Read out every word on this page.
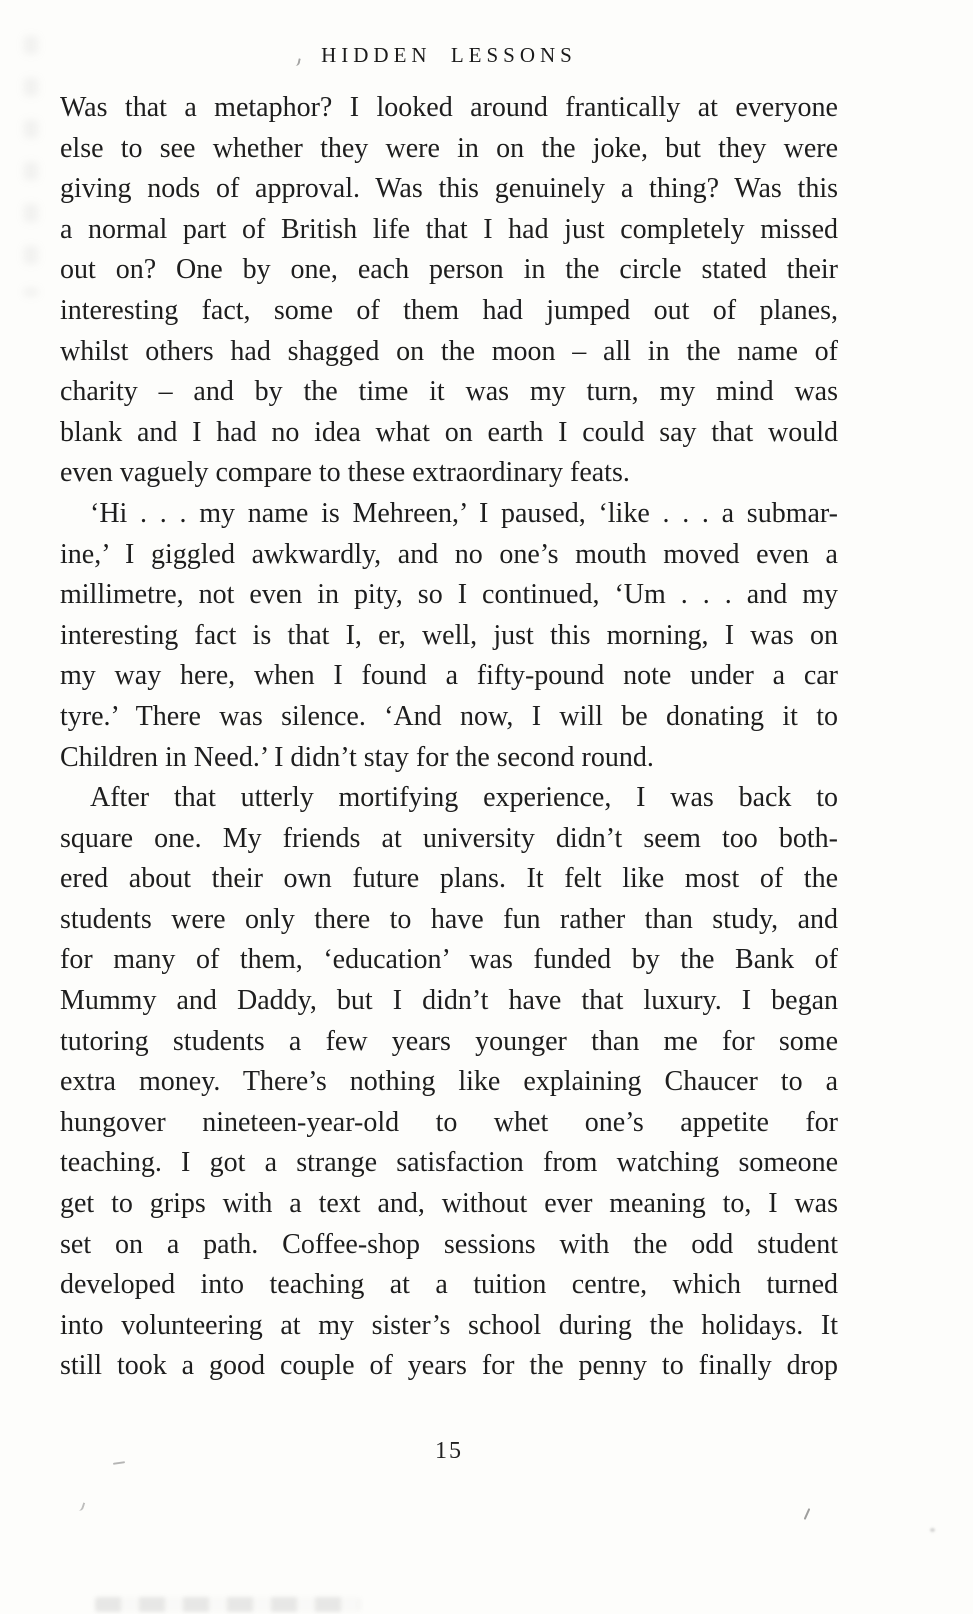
HIDDEN LESSONS
Was that a metaphor? I looked around frantically at everyone
else to see whether they were in on the joke, but they were
giving nods of approval. Was this genuinely a thing? Was this
a normal part of British life that I had just completely missed
out on? One by one, each person in the circle stated their
interesting fact, some of them had jumped out of planes,
whilst others had shagged on the moon – all in the name of
charity – and by the time it was my turn, my mind was
blank and I had no idea what on earth I could say that would
even vaguely compare to these extraordinary feats.
‘Hi . . . my name is Mehreen,’ I paused, ‘like . . . a submar-
ine,’ I giggled awkwardly, and no one’s mouth moved even a
millimetre, not even in pity, so I continued, ‘Um . . . and my
interesting fact is that I, er, well, just this morning, I was on
my way here, when I found a fifty-pound note under a car
tyre.’ There was silence. ‘And now, I will be donating it to
Children in Need.’ I didn’t stay for the second round.
After that utterly mortifying experience, I was back to
square one. My friends at university didn’t seem too both-
ered about their own future plans. It felt like most of the
students were only there to have fun rather than study, and
for many of them, ‘education’ was funded by the Bank of
Mummy and Daddy, but I didn’t have that luxury. I began
tutoring students a few years younger than me for some
extra money. There’s nothing like explaining Chaucer to a
hungover nineteen-year-old to whet one’s appetite for
teaching. I got a strange satisfaction from watching someone
get to grips with a text and, without ever meaning to, I was
set on a path. Coffee-shop sessions with the odd student
developed into teaching at a tuition centre, which turned
into volunteering at my sister’s school during the holidays. It
still took a good couple of years for the penny to finally drop
15
